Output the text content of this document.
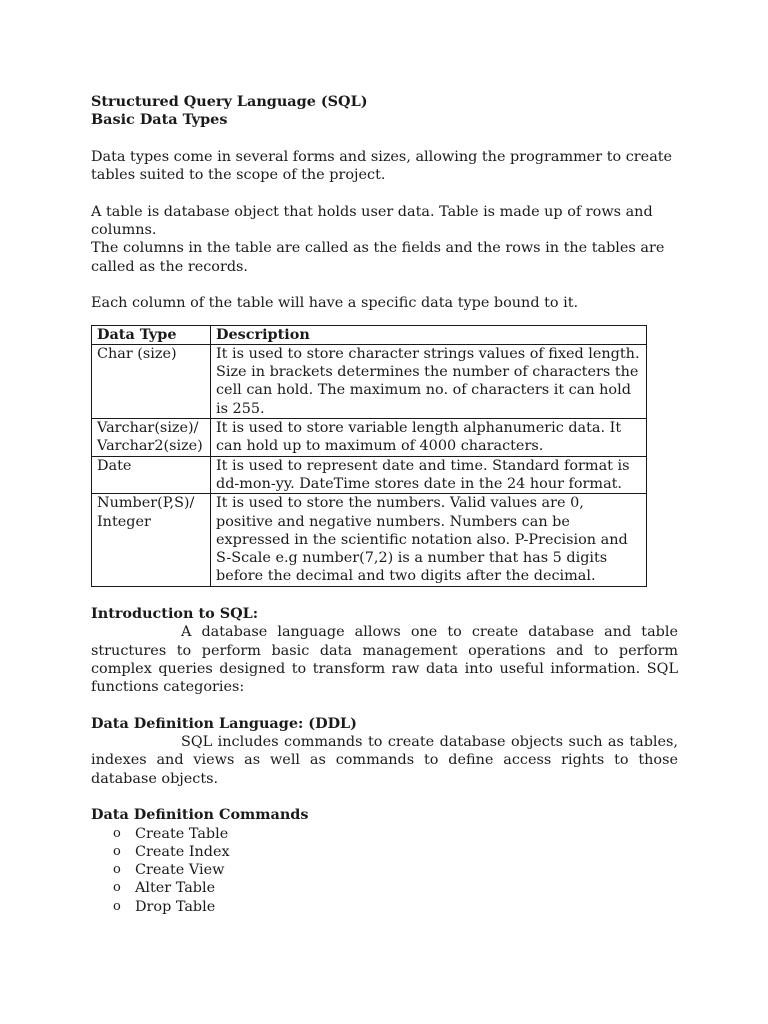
Structured Query Language (SQL)

Basic Data Types

Data types come in several forms and sizes, allowing the programmer to create tables suited to the scope of the project.

A table is database object that holds user data. Table is made up of rows and columns.

The columns in the table are called as the fields and the rows in the tables are called as the records.

Each column of the table will have a specific data type bound to it.

Data Type	Description
Char (size)	It is used to store character strings values of fixed length. Size in brackets determines the number of characters the cell can hold. The maximum no. of characters it can hold is 255.
Varchar(size)/ Varchar2(size)	It is used to store variable length alphanumeric data. It can hold up to maximum of 4000 characters.
Date	It is used to represent date and time. Standard format is dd-mon-yy. DateTime stores date in the 24 hour format.
Number(P,S)/ Integer	It is used to store the numbers. Valid values are 0, positive and negative numbers. Numbers can be expressed in the scientific notation also. P-Precision and S-Scale e.g number(7,2) is a number that has 5 digits before the decimal and two digits after the decimal.

Introduction to SQL:

A database language allows one to create database and table structures to perform basic data management operations and to perform complex queries designed to transform raw data into useful information. SQL functions categories:

Data Definition Language: (DDL)

SQL includes commands to create database objects such as tables, indexes and views as well as commands to define access rights to those database objects.

Data Definition Commands

o Create Table
o Create Index
o Create View
o Alter Table
o Drop Table
